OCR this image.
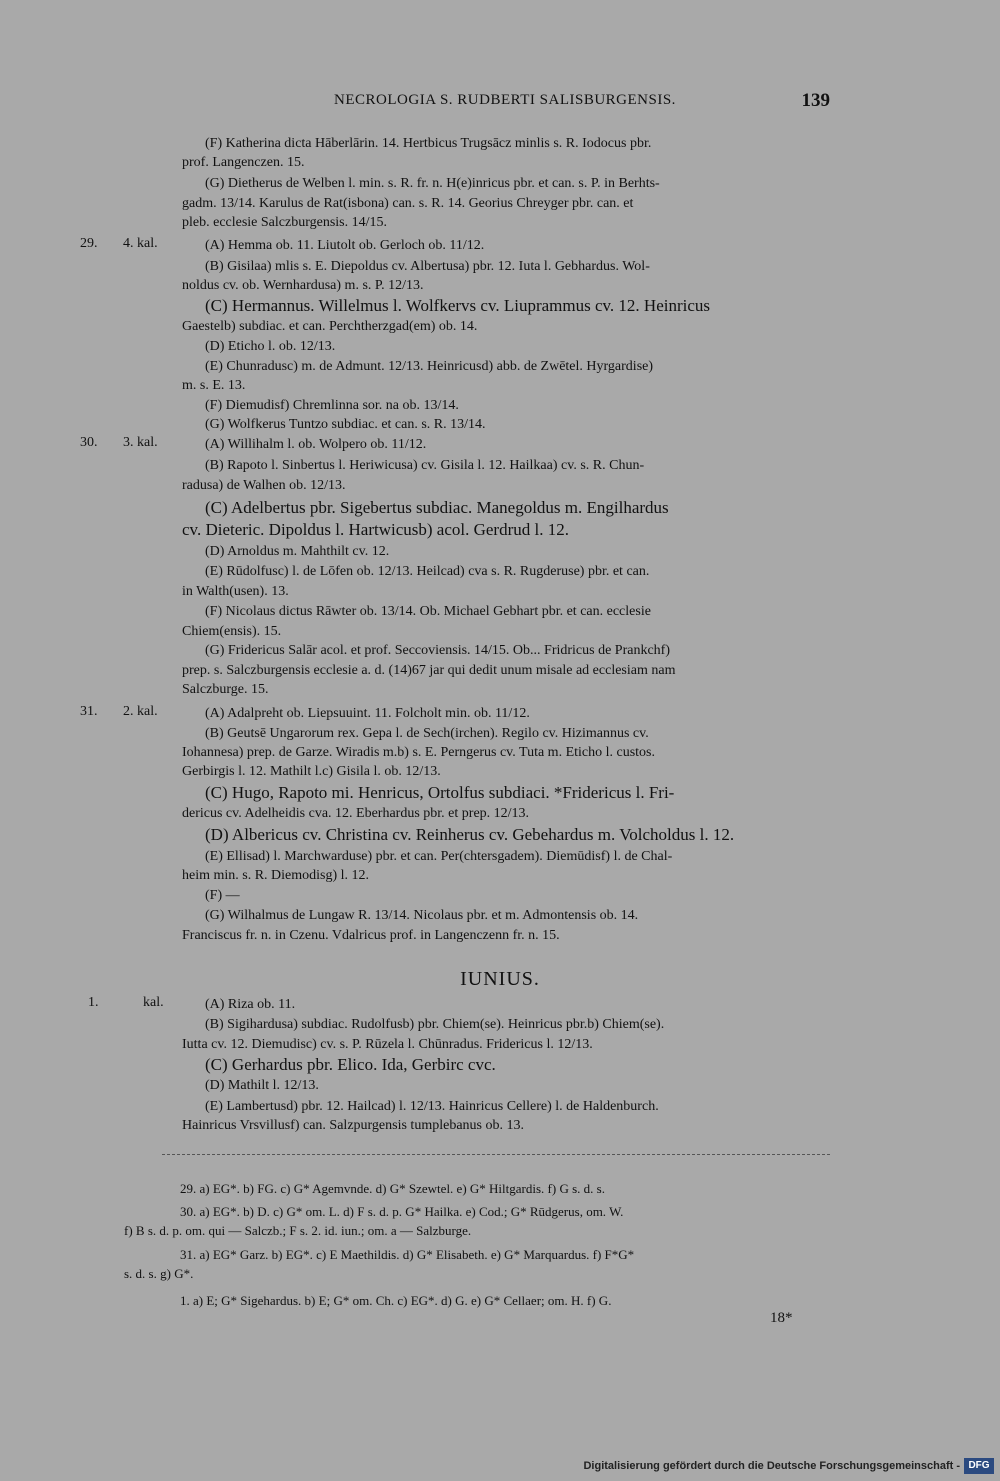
NECROLOGIA S. RUDBERTI SALISBURGENSIS.	139
(F) Katherina dicta Hāberlārin. 14. Hertbicus Trugsācz minlis s. R. Iodocus pbr.
prof. Langenczen. 15.
(G) Dietherus de Welben l. min. s. R. fr. n. H(e)inricus pbr. et can. s. P. in Berhts-
gadm. 13/14. Karulus de Rat(isbona) can. s. R. 14. Georius Chreyger pbr. can. et
pleb. ecclesie Salczburgensis. 14/15.
29. 4. kal.	(A) Hemma ob. 11. Liutolt ob. Gerloch ob. 11/12.
(B) Gisilaa) mlis s. E. Diepoldus cv. Albertusa) pbr. 12. Iuta l. Gebhardus. Wol-
noldus cv. ob. Wernhardusa) m. s. P. 12/13.
(C) Hermannus. Willelmus l. Wolfkervs cv. Liuprammus cv. 12. Heinricus
Gaestelb) subdiac. et can. Perchtherzgad(em) ob. 14.
(D) Eticho l. ob. 12/13.
(E) Chunradusc) m. de Admunt. 12/13. Heinricusd) abb. de Zwētel. Hyrgardise)
m. s. E. 13.
(F) Diemudisf) Chremlinna sor. na ob. 13/14.
(G) Wolfkerus Tuntzo subdiac. et can. s. R. 13/14.
30. 3. kal.	(A) Willihalm l. ob. Wolpero ob. 11/12.
(B) Rapoto l. Sinbertus l. Heriwicusa) cv. Gisila l. 12. Hailkaa) cv. s. R. Chun-
radusa) de Walhen ob. 12/13.
(C) Adelbertus pbr. Sigebertus subdiac. Manegoldus m. Engilhardus
cv. Dieteric. Dipoldus l. Hartwicusb) acol. Gerdrud l. 12.
(D) Arnoldus m. Mahthilt cv. 12.
(E) Rūdolfusc) l. de Lōfen ob. 12/13. Heilcad) cva s. R. Rugderuse) pbr. et can.
in Walth(usen). 13.
(F) Nicolaus dictus Rāwter ob. 13/14. Ob. Michael Gebhart pbr. et can. ecclesie
Chiem(ensis). 15.
(G) Fridericus Salār acol. et prof. Seccoviensis. 14/15. Ob... Fridricus de Prankchf)
prep. s. Salczburgensis ecclesie a. d. (14)67 jar qui dedit unum misale ad ecclesiam nam
Salczburge. 15.
31. 2. kal.	(A) Adalpreht ob. Liepsuuint. 11. Folcholt min. ob. 11/12.
(B) Geutsē Ungarorum rex. Gepa l. de Sech(irchen). Regilo cv. Hizimannus cv.
Iohannesa) prep. de Garze. Wiradis m.b) s. E. Perngerus cv. Tuta m. Eticho l. custos.
Gerbirgis l. 12. Mathilt l.c) Gisila l. ob. 12/13.
(C) Hugo, Rapoto mi. Henricus, Ortolfus subdiaci. *Fridericus l. Fri-
dericus cv. Adelheidis cva. 12. Eberhardus pbr. et prep. 12/13.
(D) Albericus cv. Christina cv. Reinherus cv. Gebehardus m. Volcholdus l. 12.
(E) Ellisad) l. Marchwarduse) pbr. et can. Per(chtersgadem). Diemūdisf) l. de Chal-
heim min. s. R. Diemodisg) l. 12.
(F) —
(G) Wilhalmus de Lungaw R. 13/14. Nicolaus pbr. et m. Admontensis ob. 14.
Franciscus fr. n. in Czenu. Vdalricus prof. in Langenczenn fr. n. 15.
IUNIUS.
1.	kal.	(A) Riza ob. 11.
(B) Sigihardusa) subdiac. Rudolfusb) pbr. Chiem(se). Heinricus pbr.b) Chiem(se).
Iutta cv. 12. Diemudisc) cv. s. P. Rūzela l. Chūnradus. Fridericus l. 12/13.
(C) Gerhardus pbr. Elico. Ida, Gerbirc cvc.
(D) Mathilt l. 12/13.
(E) Lambertusd) pbr. 12. Hailcad) l. 12/13. Hainricus Cellere) l. de Haldenburch.
Hainricus Vrsvillusf) can. Salzpurgensis tumplebanus ob. 13.
29. a) EG*. b) FG. c) G* Agemvnde. d) G* Szewtel. e) G* Hiltgardis. f) G s. d. s.
30. a) EG*. b) D. c) G* om. L. d) F s. d. p. G* Hailka. e) Cod.; G* Rūdgerus, om. W.
f) B s. d. p. om. qui — Salczb.; F s. 2. id. iun.; om. a — Salzburge.
31. a) EG* Garz. b) EG*. c) E Maethildis. d) G* Elisabeth. e) G* Marquardus. f) F*G*
s. d. s. g) G*.
1. a) E; G* Sigehardus. b) E; G* om. Ch. c) EG*. d) G. e) G* Cellaer; om. H. f) G.
18*
Digitalisierung gefördert durch die Deutsche Forschungsgemeinschaft - DFG
